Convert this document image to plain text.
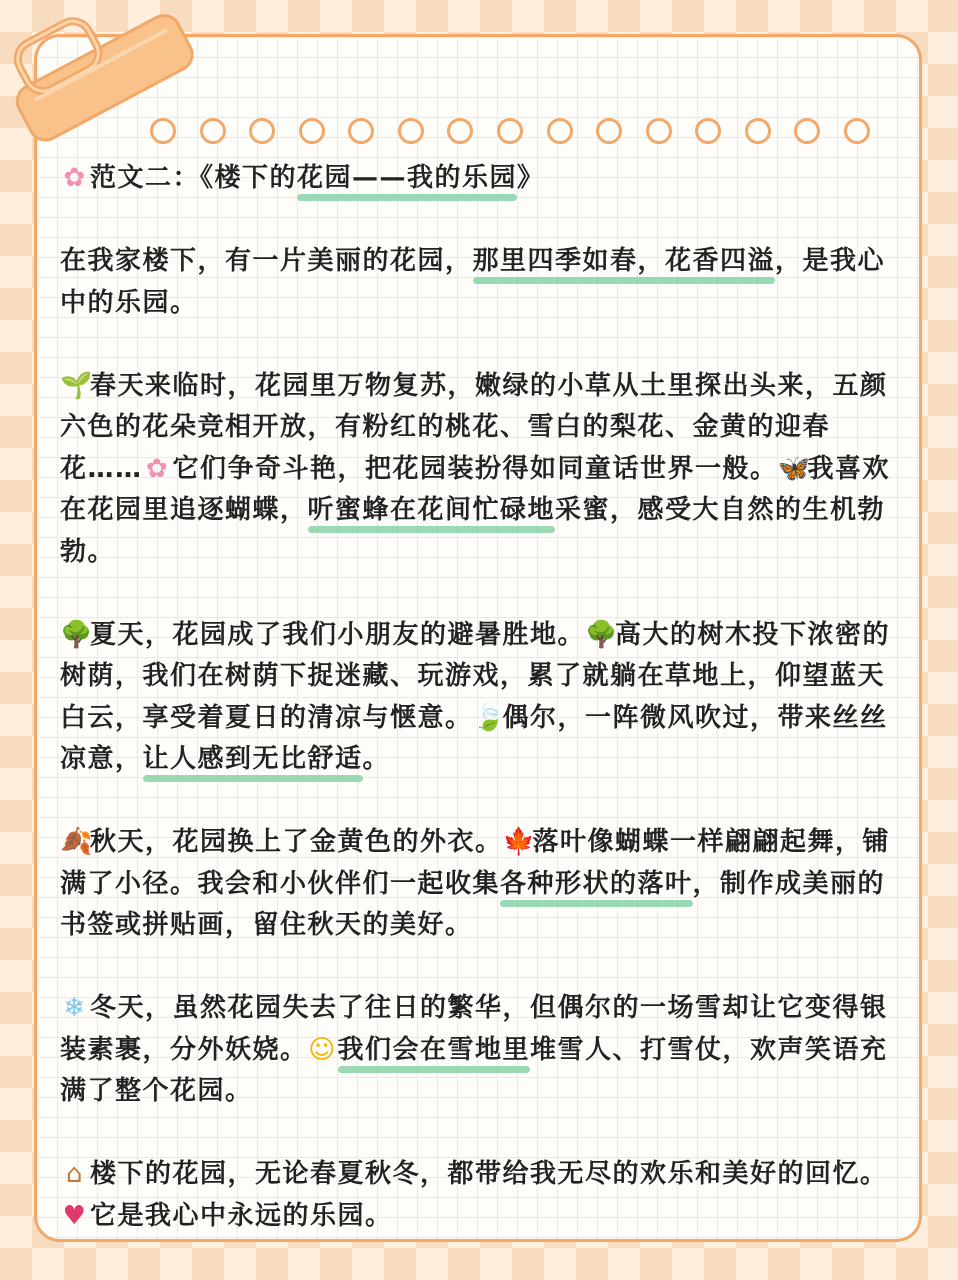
✿ 范文二：《楼下的花园——我的乐园》

在我家楼下，有一片美丽的花园，那里四季如春，花香四溢，是我心中的乐园。

🌱春天来临时，花园里万物复苏，嫩绿的小草从土里探出头来，五颜六色的花朵竞相开放，有粉红的桃花、雪白的梨花、金黄的迎春花…… ✿ 它们争奇斗艳，把花园装扮得如同童话世界一般。🦋我喜欢在花园里追逐蝴蝶，听蜜蜂在花间忙碌地采蜜，感受大自然的生机勃勃。

🌳夏天，花园成了我们小朋友的避暑胜地。🌳高大的树木投下浓密的树荫，我们在树荫下捉迷藏、玩游戏，累了就躺在草地上，仰望蓝天白云，享受着夏日的清凉与惬意。🍃偶尔，一阵微风吹过，带来丝丝凉意，让人感到无比舒适。

🍂秋天，花园换上了金黄色的外衣。🍁落叶像蝴蝶一样翩翩起舞，铺满了小径。我会和小伙伴们一起收集各种形状的落叶，制作成美丽的书签或拼贴画，留住秋天的美好。

❄ 冬天，虽然花园失去了往日的繁华，但偶尔的一场雪却让它变得银装素裹，分外妖娆。☺我们会在雪地里堆雪人、打雪仗，欢声笑语充满了整个花园。

⌂ 楼下的花园，无论春夏秋冬，都带给我无尽的欢乐和美好的回忆。♥它是我心中永远的乐园。
